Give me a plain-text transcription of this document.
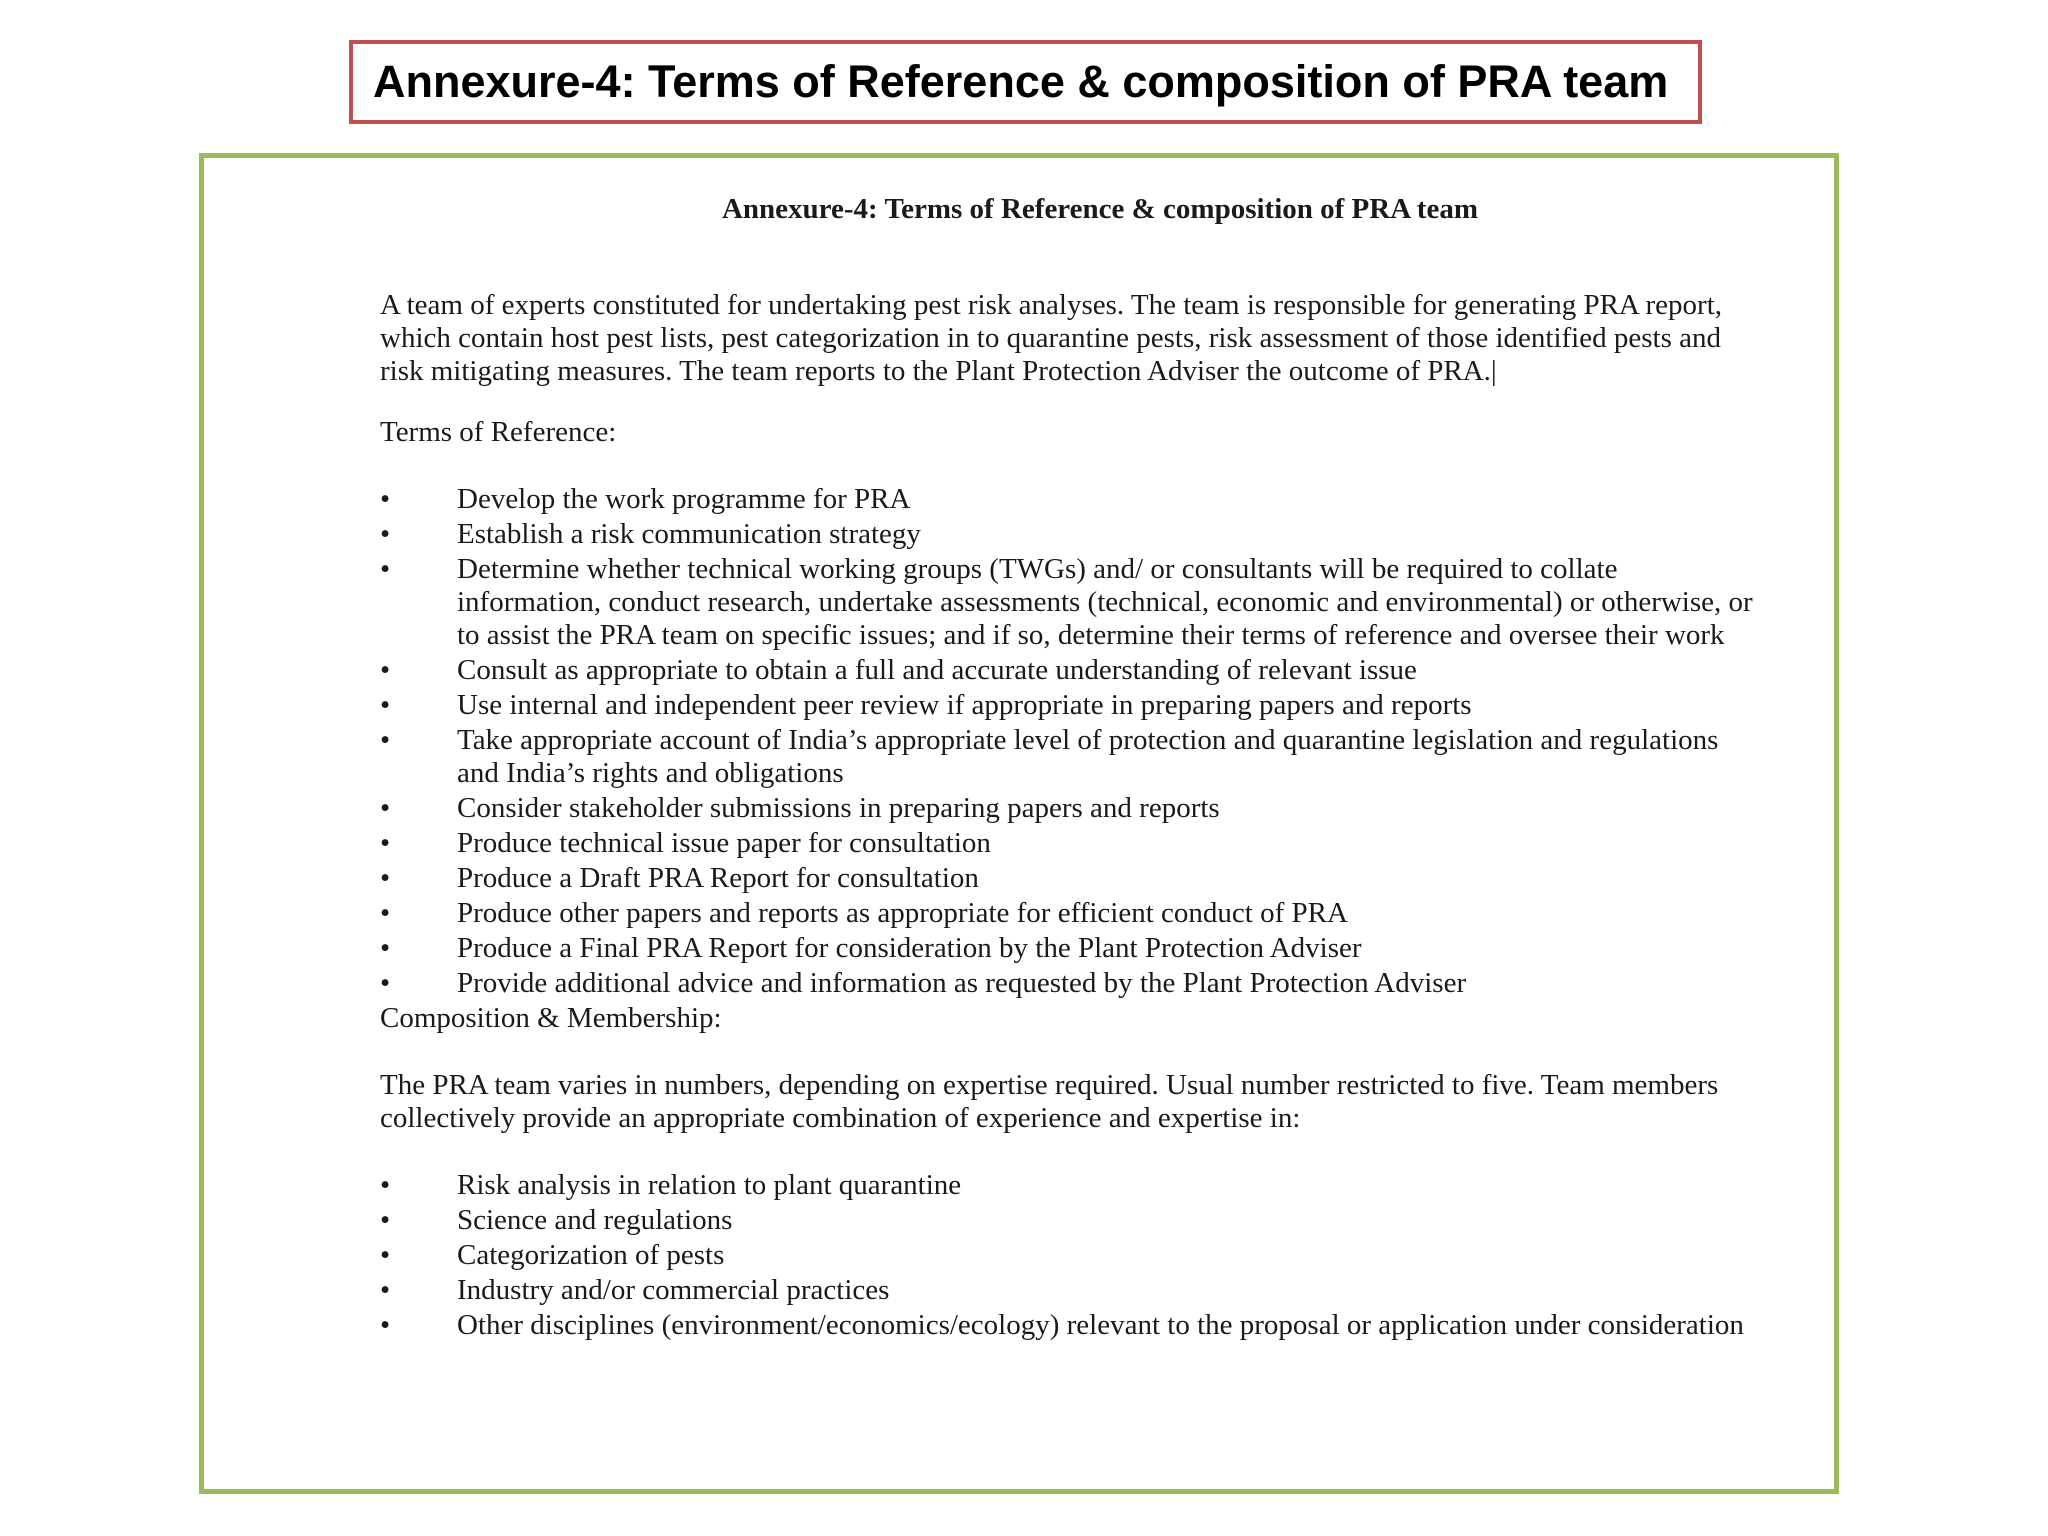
Annexure-4: Terms of Reference & composition of PRA team
Annexure-4: Terms of Reference & composition of PRA team

A team of experts constituted for undertaking pest risk analyses. The team is responsible for generating PRA report, which contain host pest lists, pest categorization in to quarantine pests, risk assessment of those identified pests and risk mitigating measures. The team reports to the Plant Protection Adviser the outcome of PRA.|

Terms of Reference:

•	Develop the work programme for PRA
•	Establish a risk communication strategy
•	Determine whether technical working groups (TWGs) and/ or consultants will be required to collate information, conduct research, undertake assessments (technical, economic and environmental) or otherwise, or to assist the PRA team on specific issues; and if so, determine their terms of reference and oversee their work
•	Consult as appropriate to obtain a full and accurate understanding of relevant issue
•	Use internal and independent peer review if appropriate in preparing papers and reports
•	Take appropriate account of India’s appropriate level of protection and quarantine legislation and regulations and India’s rights and obligations
•	Consider stakeholder submissions in preparing papers and reports
•	Produce technical issue paper for consultation
•	Produce a Draft PRA Report for consultation
•	Produce other papers and reports as appropriate for efficient conduct of PRA
•	Produce a Final PRA Report for consideration by the Plant Protection Adviser
•	Provide additional advice and information as requested by the Plant Protection Adviser

Composition & Membership:

The PRA team varies in numbers, depending on expertise required. Usual number restricted to five. Team members collectively provide an appropriate combination of experience and expertise in:

•	Risk analysis in relation to plant quarantine
•	Science and regulations
•	Categorization of pests
•	Industry and/or commercial practices
•	Other disciplines (environment/economics/ecology) relevant to the proposal or application under consideration
